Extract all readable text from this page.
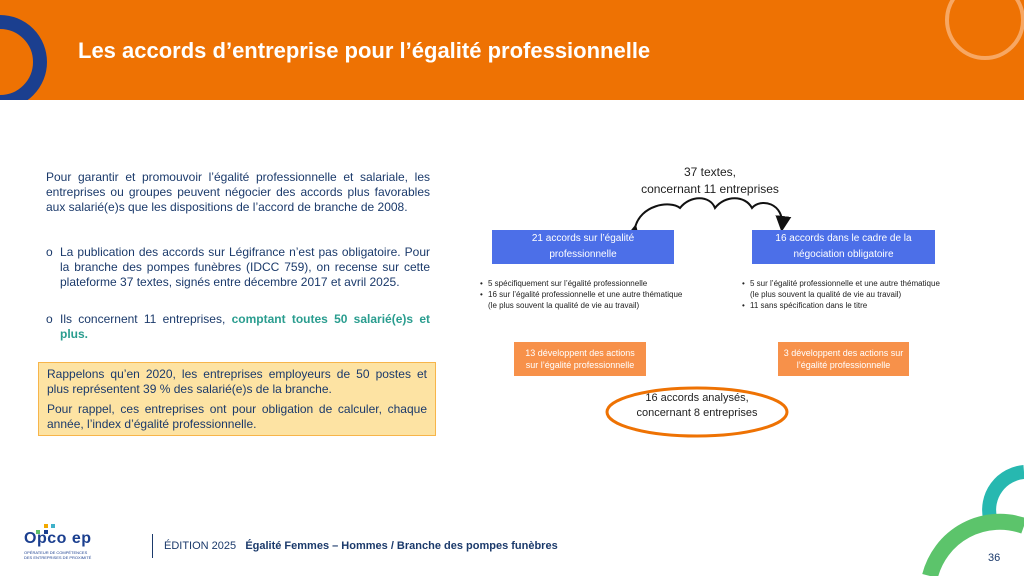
Les accords d’entreprise pour l’égalité professionnelle
Pour garantir et promouvoir l’égalité professionnelle et salariale, les entreprises ou groupes peuvent négocier des accords plus favorables aux salarié(e)s que les dispositions de l’accord de branche de 2008.
o La publication des accords sur Légifrance n’est pas obligatoire. Pour la branche des pompes funèbres (IDCC 759), on recense sur cette plateforme 37 textes, signés entre décembre 2017 et avril 2025.
o Ils concernent 11 entreprises, comptant toutes 50 salarié(e)s et plus.

Rappelons qu’en 2020, les entreprises employeurs de 50 postes et plus représentent 39 % des salarié(e)s de la branche.

Pour rappel, ces entreprises ont pour obligation de calculer, chaque année, l’index d’égalité professionnelle.

37 textes,
concernant 11 entreprises
21 accords sur l’égalité
professionnelle
16 accords dans le cadre de la
négociation obligatoire
• 5 spécifiquement sur l’égalité professionnelle
• 16 sur l’égalité professionnelle et une autre thématique
(le plus souvent la qualité de vie au travail)
• 5 sur l’égalité professionnelle et une autre thématique
(le plus souvent la qualité de vie au travail)
• 11 sans spécification dans le titre
13 développent des actions
sur l’égalité professionnelle
3 développent des actions sur
l’égalité professionnelle
16 accords analysés,
concernant 8 entreprises
Opco ep
OPÉRATEUR DE COMPÉTENCES
DES ENTREPRISES DE PROXIMITÉ
ÉDITION 2025 Égalité Femmes – Hommes / Branche des pompes funèbres
36
